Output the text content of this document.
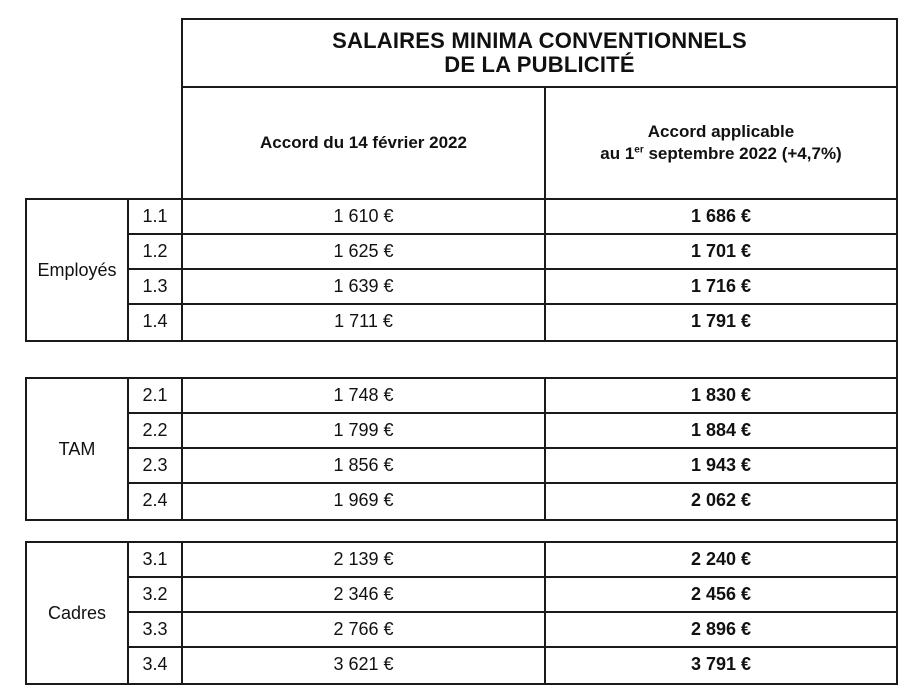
SALAIRES MINIMA CONVENTIONNELS
DE LA PUBLICITÉ
Accord du 14 février 2022
Accord applicable
au 1er septembre 2022 (+4,7%)
Employés
1.1	1 610 €	1 686 €
1.2	1 625 €	1 701 €
1.3	1 639 €	1 716 €
1.4	1 711 €	1 791 €
TAM
2.1	1 748 €	1 830 €
2.2	1 799 €	1 884 €
2.3	1 856 €	1 943 €
2.4	1 969 €	2 062 €
Cadres
3.1	2 139 €	2 240 €
3.2	2 346 €	2 456 €
3.3	2 766 €	2 896 €
3.4	3 621 €	3 791 €
